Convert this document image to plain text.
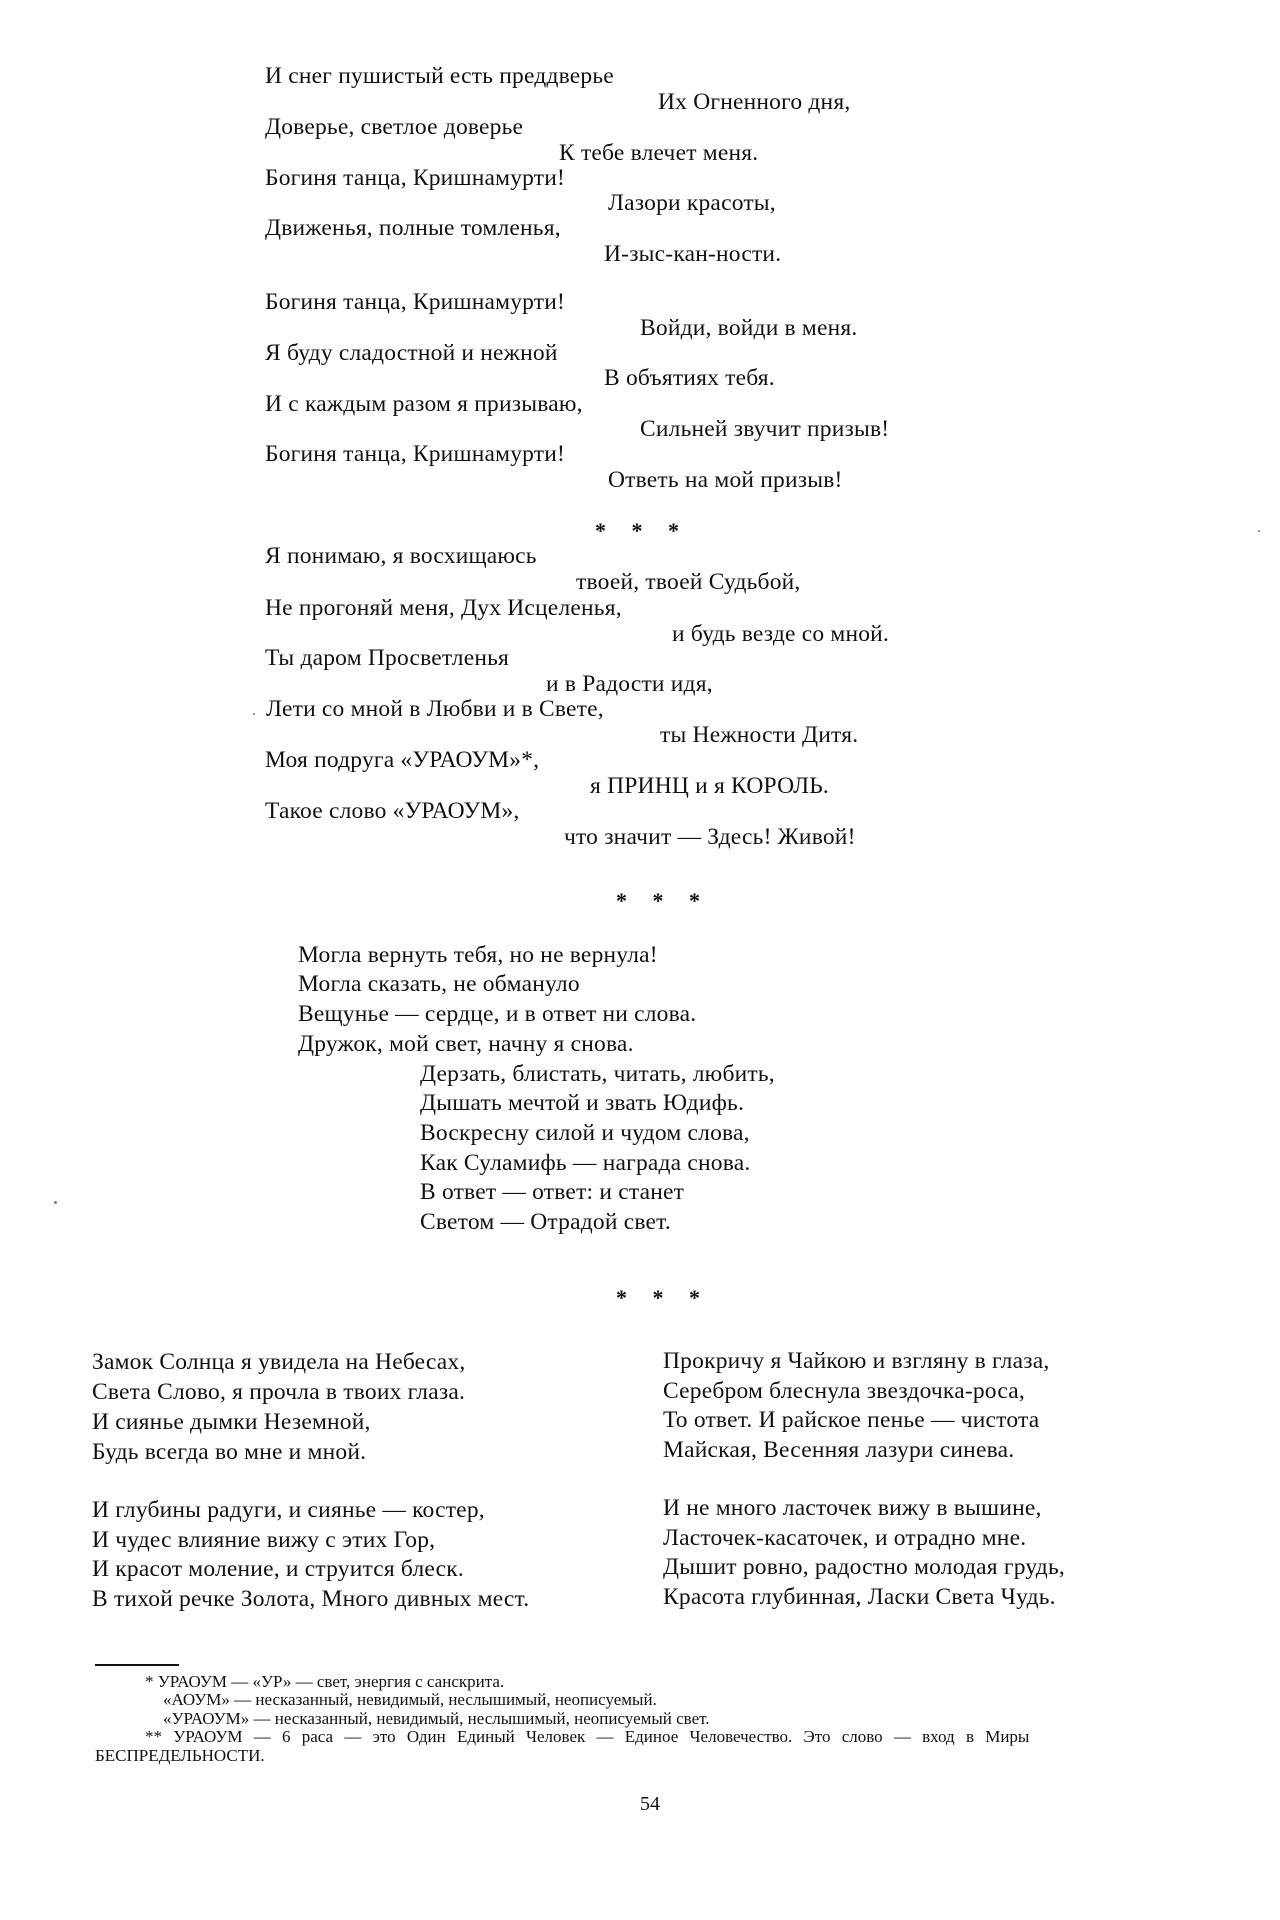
И снег пушистый есть преддверье
Их Огненного дня,
Доверье, светлое доверье
К тебе влечет меня.
Богиня танца, Кришнамурти!
Лазори красоты,
Движенья, полные томленья,
И-зыс-кан-ности.
Богиня танца, Кришнамурти!
Войди, войди в меня.
Я буду сладостной и нежной
В объятиях тебя.
И с каждым разом я призываю,
Сильней звучит призыв!
Богиня танца, Кришнамурти!
Ответь на мой призыв!
* * *
Я понимаю, я восхищаюсь
твоей, твоей Судьбой,
Не прогоняй меня, Дух Исцеленья,
и будь везде со мной.
Ты даром Просветленья
и в Радости идя,
Лети со мной в Любви и в Свете,
ты Нежности Дитя.
Моя подруга «УРАОУМ»*,
я ПРИНЦ и я КОРОЛЬ.
Такое слово «УРАОУМ»,
что значит — Здесь! Живой!
* * *
Могла вернуть тебя, но не вернула!
Могла сказать, не обмануло
Вещунье — сердце, и в ответ ни слова.
Дружок, мой свет, начну я снова.
Дерзать, блистать, читать, любить,
Дышать мечтой и звать Юдифь.
Воскресну силой и чудом слова,
Как Суламифь — награда снова.
В ответ — ответ: и станет
Светом — Отрадой свет.
* * *
Замок Солнца я увидела на Небесах,
Света Слово, я прочла в твоих глаза.
И сиянье дымки Неземной,
Будь всегда во мне и мной.
И глубины радуги, и сиянье — костер,
И чудес влияние вижу с этих Гор,
И красот моление, и струится блеск.
В тихой речке Золота, Много дивных мест.
Прокричу я Чайкою и взгляну в глаза,
Серебром блеснула звездочка-роса,
То ответ. И райское пенье — чистота
Майская, Весенняя лазури синева.
И не много ласточек вижу в вышине,
Ласточек-касаточек, и отрадно мне.
Дышит ровно, радостно молодая грудь,
Красота глубинная, Ласки Света Чудь.
* УРАОУМ — «УР» — свет, энергия с санскрита.
«АОУМ» — несказанный, невидимый, неслышимый, неописуемый.
«УРАОУМ» — несказанный, невидимый, неслышимый, неописуемый свет.
** УРАОУМ — 6 раса — это Один Единый Человек — Единое Человечество. Это слово — вход в Миры
БЕСПРЕДЕЛЬНОСТИ.
54
